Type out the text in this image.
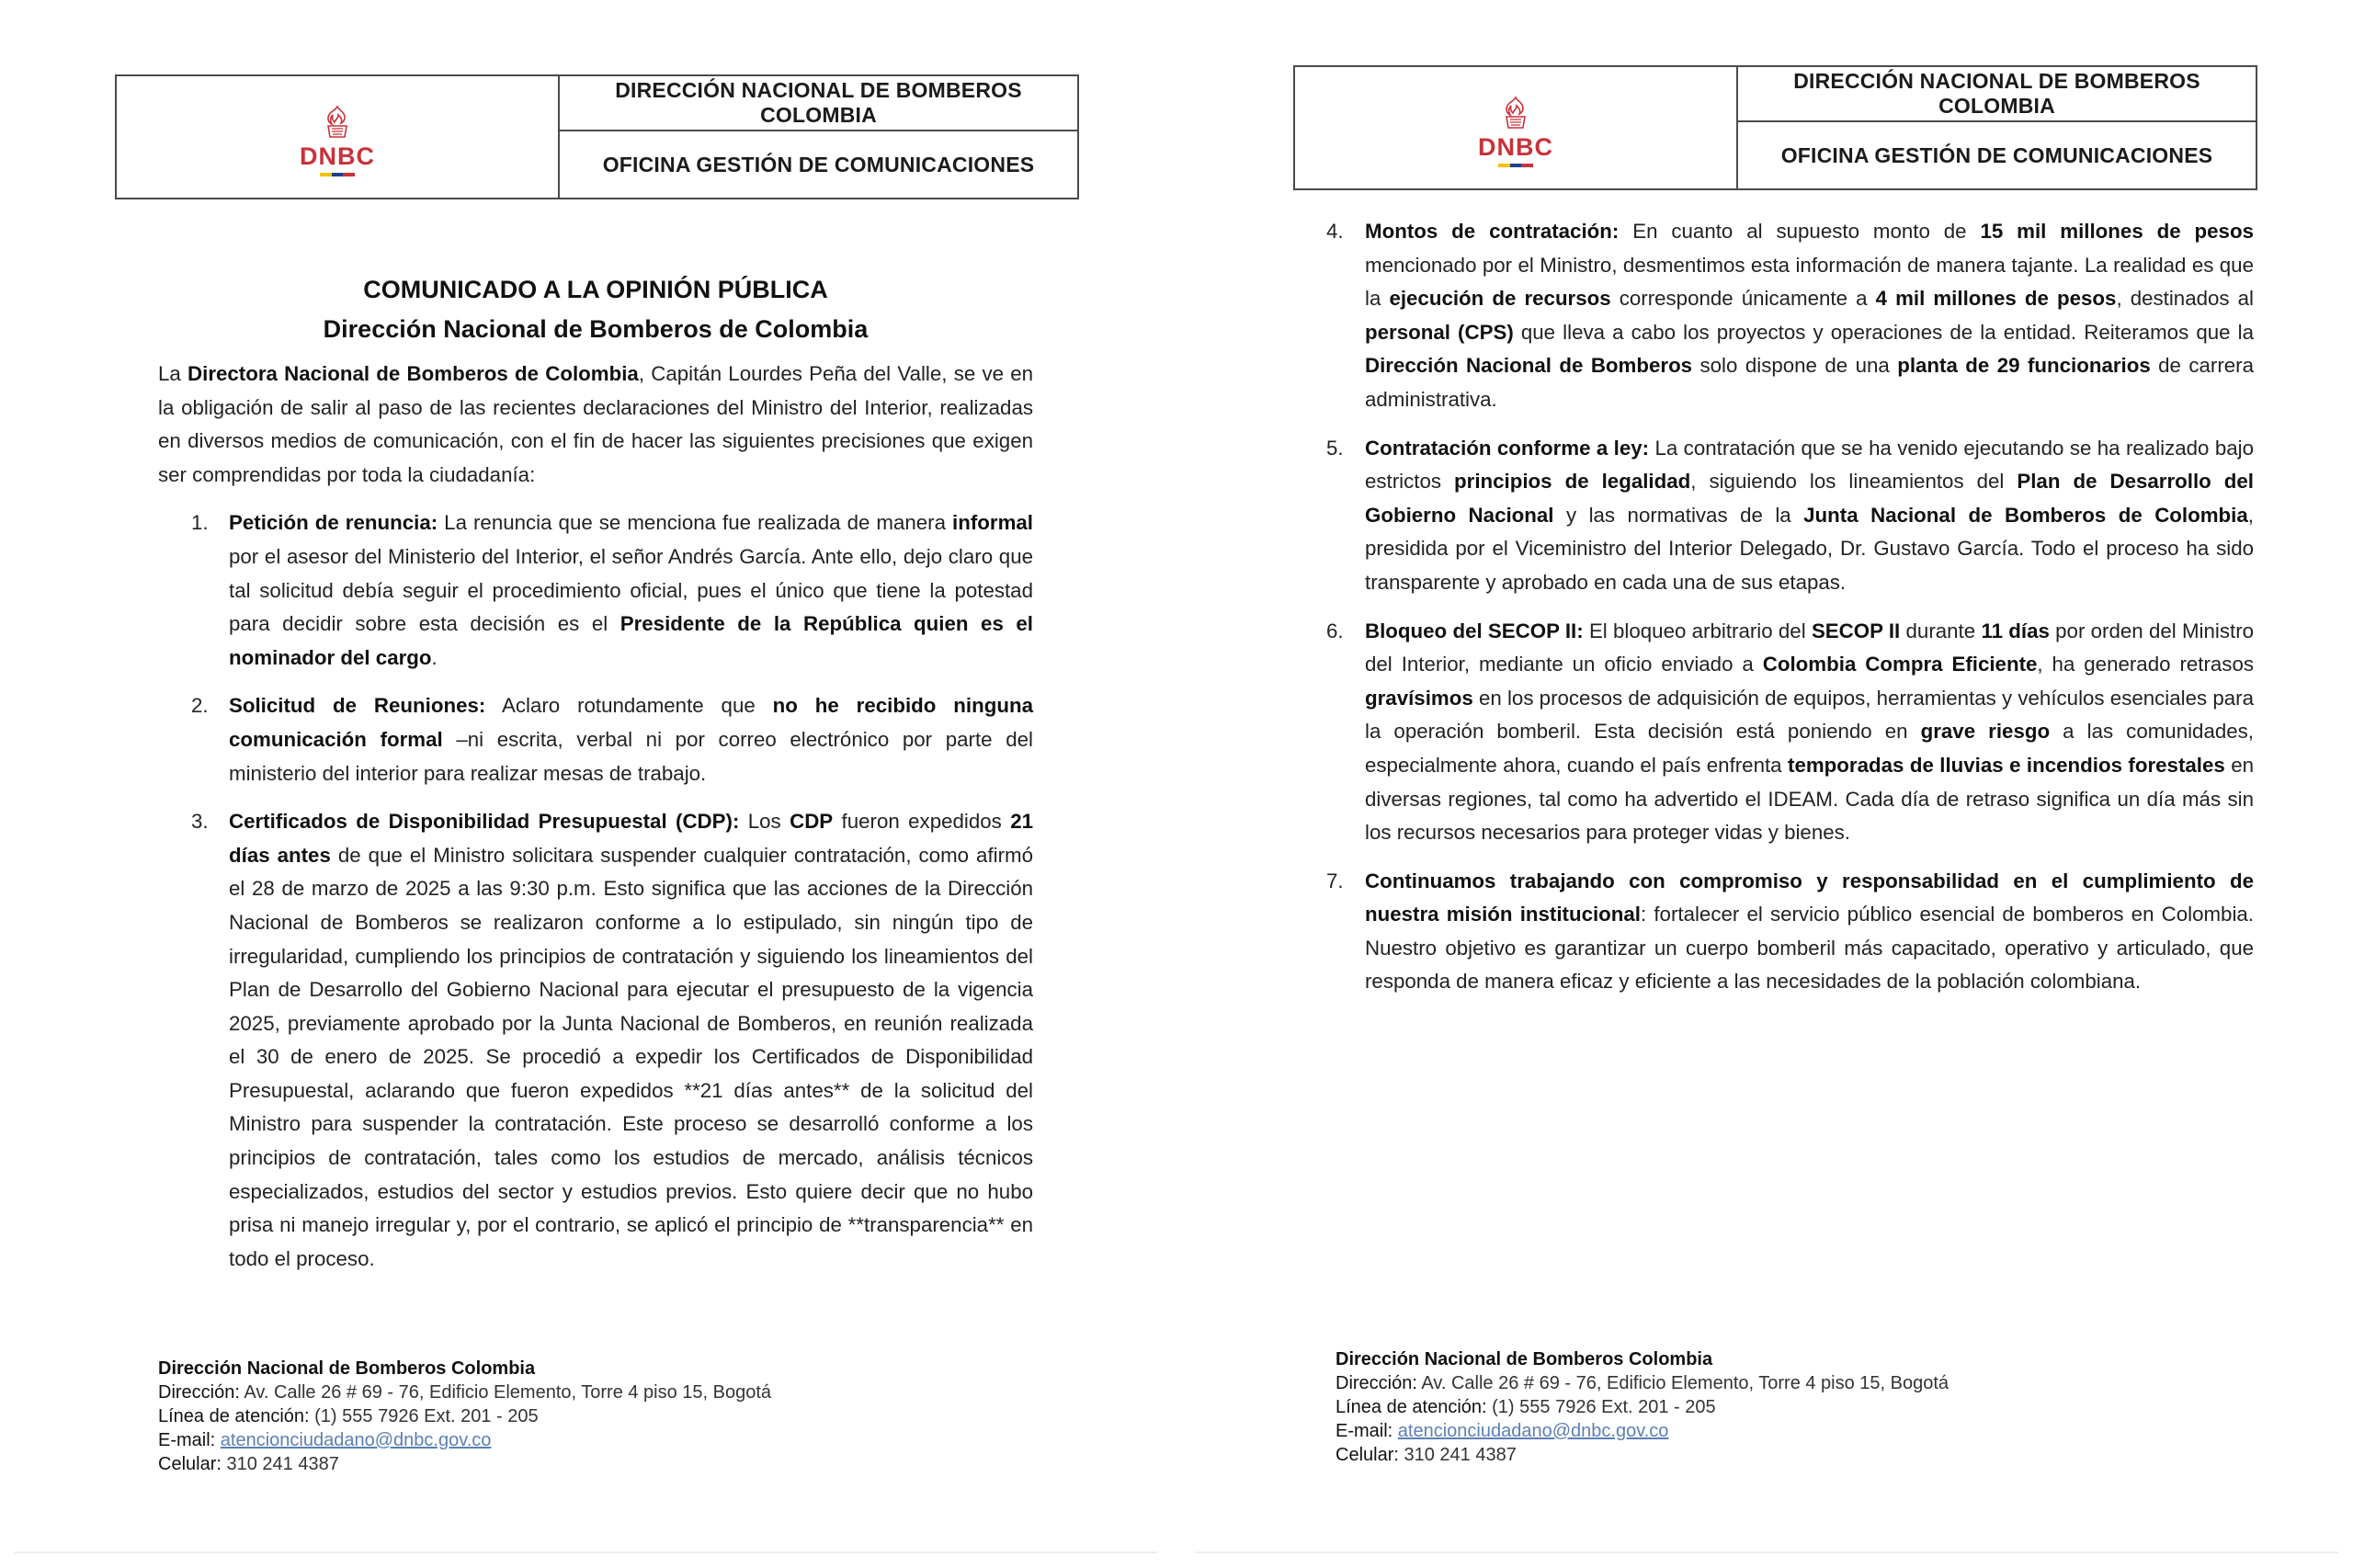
DNBC
DIRECCIÓN NACIONAL DE BOMBEROS COLOMBIA
OFICINA GESTIÓN DE COMUNICACIONES

COMUNICADO A LA OPINIÓN PÚBLICA

Dirección Nacional de Bomberos de Colombia

La Directora Nacional de Bomberos de Colombia, Capitán Lourdes Peña del Valle, se ve en la obligación de salir al paso de las recientes declaraciones del Ministro del Interior, realizadas en diversos medios de comunicación, con el fin de hacer las siguientes precisiones que exigen ser comprendidas por toda la ciudadanía:

1. Petición de renuncia: La renuncia que se menciona fue realizada de manera informal por el asesor del Ministerio del Interior, el señor Andrés García. Ante ello, dejo claro que tal solicitud debía seguir el procedimiento oficial, pues el único que tiene la potestad para decidir sobre esta decisión es el Presidente de la República quien es el nominador del cargo.
2. Solicitud de Reuniones: Aclaro rotundamente que no he recibido ninguna comunicación formal –ni escrita, verbal ni por correo electrónico por parte del ministerio del interior para realizar mesas de trabajo.
3. Certificados de Disponibilidad Presupuestal (CDP): Los CDP fueron expedidos 21 días antes de que el Ministro solicitara suspender cualquier contratación, como afirmó el 28 de marzo de 2025 a las 9:30 p.m. Esto significa que las acciones de la Dirección Nacional de Bomberos se realizaron conforme a lo estipulado, sin ningún tipo de irregularidad, cumpliendo los principios de contratación y siguiendo los lineamientos del Plan de Desarrollo del Gobierno Nacional para ejecutar el presupuesto de la vigencia 2025, previamente aprobado por la Junta Nacional de Bomberos, en reunión realizada el 30 de enero de 2025. Se procedió a expedir los Certificados de Disponibilidad Presupuestal, aclarando que fueron expedidos **21 días antes** de la solicitud del Ministro para suspender la contratación. Este proceso se desarrolló conforme a los principios de contratación, tales como los estudios de mercado, análisis técnicos especializados, estudios del sector y estudios previos. Esto quiere decir que no hubo prisa ni manejo irregular y, por el contrario, se aplicó el principio de **transparencia** en todo el proceso.
Dirección Nacional de Bomberos Colombia
Dirección: Av. Calle 26 # 69 - 76, Edificio Elemento, Torre 4 piso 15, Bogotá
Línea de atención: (1) 555 7926 Ext. 201 - 205
E-mail: atencionciudadano@dnbc.gov.co
Celular: 310 241 4387
DNBC
DIRECCIÓN NACIONAL DE BOMBEROS COLOMBIA
OFICINA GESTIÓN DE COMUNICACIONES
4. Montos de contratación: En cuanto al supuesto monto de 15 mil millones de pesos mencionado por el Ministro, desmentimos esta información de manera tajante. La realidad es que la ejecución de recursos corresponde únicamente a 4 mil millones de pesos, destinados al personal (CPS) que lleva a cabo los proyectos y operaciones de la entidad. Reiteramos que la Dirección Nacional de Bomberos solo dispone de una planta de 29 funcionarios de carrera administrativa.
5. Contratación conforme a ley: La contratación que se ha venido ejecutando se ha realizado bajo estrictos principios de legalidad, siguiendo los lineamientos del Plan de Desarrollo del Gobierno Nacional y las normativas de la Junta Nacional de Bomberos de Colombia, presidida por el Viceministro del Interior Delegado, Dr. Gustavo García. Todo el proceso ha sido transparente y aprobado en cada una de sus etapas.
6. Bloqueo del SECOP II: El bloqueo arbitrario del SECOP II durante 11 días por orden del Ministro del Interior, mediante un oficio enviado a Colombia Compra Eficiente, ha generado retrasos gravísimos en los procesos de adquisición de equipos, herramientas y vehículos esenciales para la operación bomberil. Esta decisión está poniendo en grave riesgo a las comunidades, especialmente ahora, cuando el país enfrenta temporadas de lluvias e incendios forestales en diversas regiones, tal como ha advertido el IDEAM. Cada día de retraso significa un día más sin los recursos necesarios para proteger vidas y bienes.
7. Continuamos trabajando con compromiso y responsabilidad en el cumplimiento de nuestra misión institucional: fortalecer el servicio público esencial de bomberos en Colombia. Nuestro objetivo es garantizar un cuerpo bomberil más capacitado, operativo y articulado, que responda de manera eficaz y eficiente a las necesidades de la población colombiana.
Dirección Nacional de Bomberos Colombia
Dirección: Av. Calle 26 # 69 - 76, Edificio Elemento, Torre 4 piso 15, Bogotá
Línea de atención: (1) 555 7926 Ext. 201 - 205
E-mail: atencionciudadano@dnbc.gov.co
Celular: 310 241 4387
